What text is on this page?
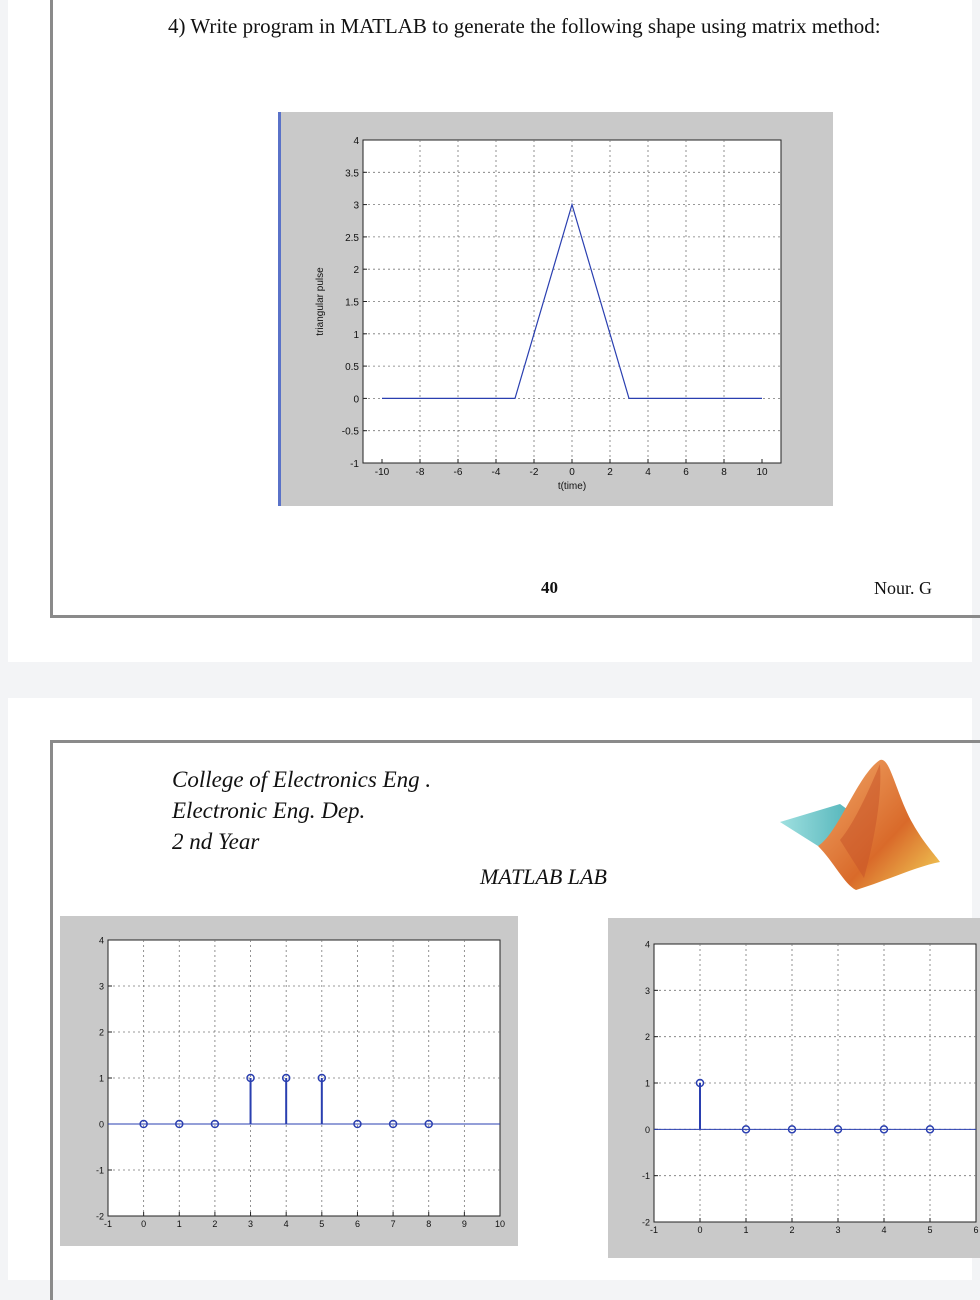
4) Write program in MATLAB to generate the following shape using matrix method:
-10	-8	-6	-4	-2	0	2	4	6	8	10
4
3.5
3
2.5
2
1.5
1
0.5
0
-0.5
-1
t(time)
triangular pulse
40	Nour. G
College of Electronics Eng .
Electronic Eng. Dep.
2 nd Year
MATLAB LAB
-1	0	1	2	3	4	5	6	7	8	9	10
4
3
2
1
0
-1
-2
-1	0	1	2	3	4	5	6
4
3
2
1
0
-1
-2
